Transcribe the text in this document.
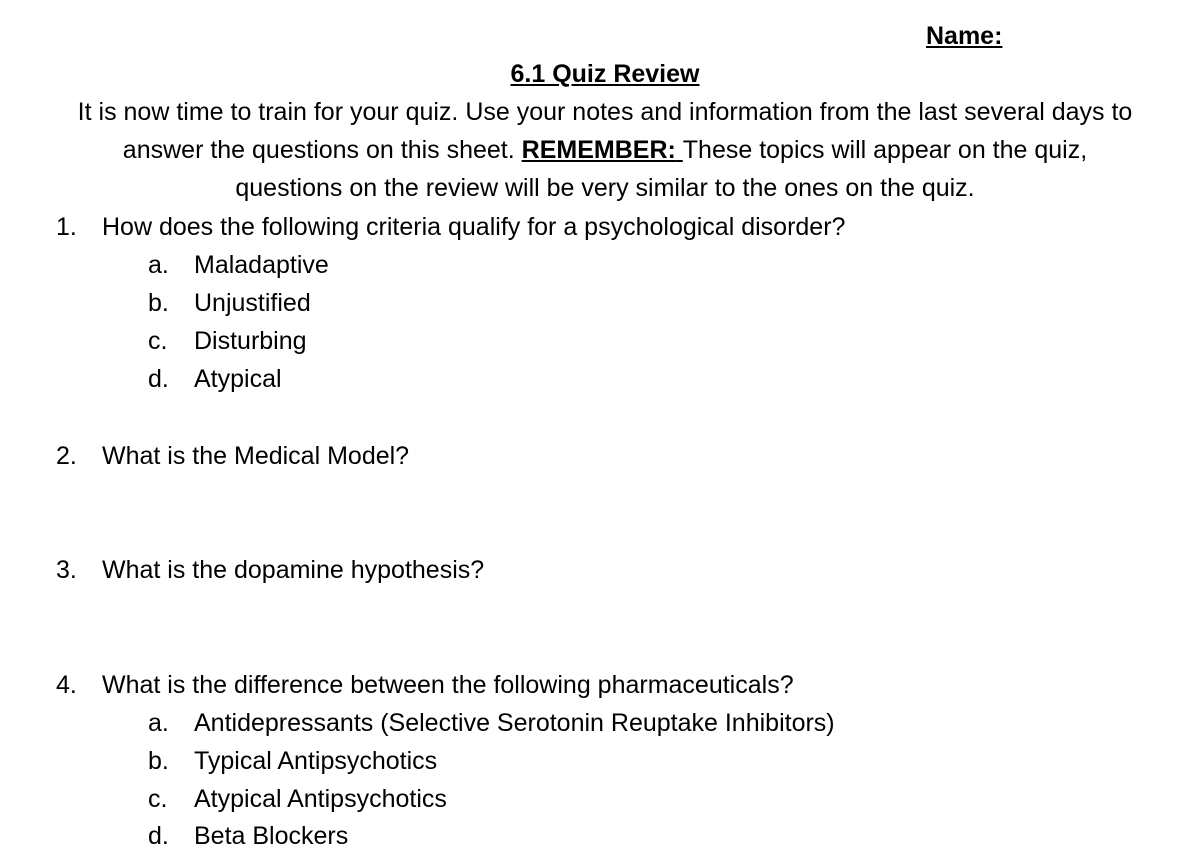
Name:
6.1 Quiz Review
It is now time to train for your quiz. Use your notes and information from the last several days to
answer the questions on this sheet. REMEMBER: These topics will appear on the quiz,
questions on the review will be very similar to the ones on the quiz.
1. How does the following criteria qualify for a psychological disorder?
a. Maladaptive
b. Unjustified
c. Disturbing
d. Atypical
2. What is the Medical Model?
3. What is the dopamine hypothesis?
4. What is the difference between the following pharmaceuticals?
a. Antidepressants (Selective Serotonin Reuptake Inhibitors)
b. Typical Antipsychotics
c. Atypical Antipsychotics
d. Beta Blockers
